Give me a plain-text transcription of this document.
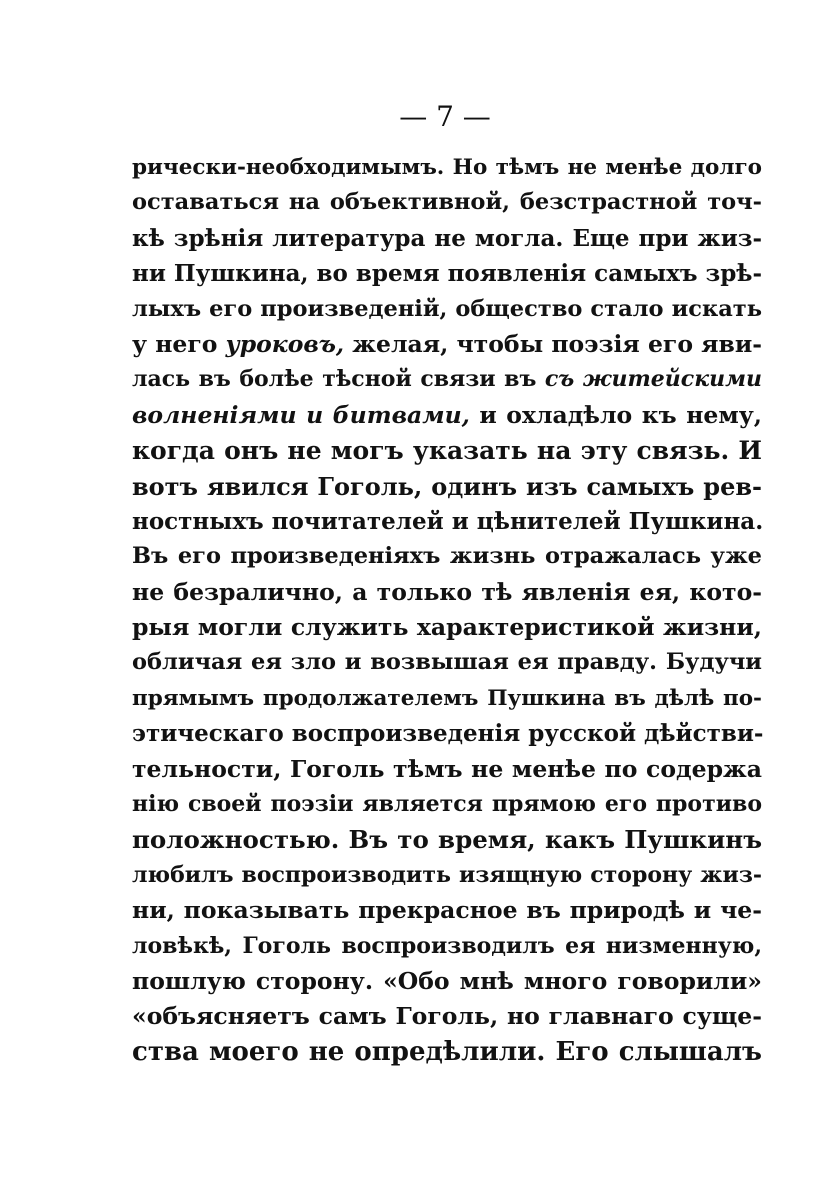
— 7 —
рически-необходимымъ. Но тѣмъ не менѣе долго
оставаться на объективной, безстрастной точ-
кѣ зрѣнія литература не могла. Еще при жиз-
ни Пушкина, во время появленія самыхъ зрѣ-
лыхъ его произведеній, общество стало искать
у него уроковъ, желая, чтобы поэзія его яви-
лась въ болѣе тѣсной связи въ съ житейскими
волненіями и битвами, и охладѣло къ нему,
когда онъ не могъ указать на эту связь. И
вотъ явился Гоголь, одинъ изъ самыхъ рев-
ностныхъ почитателей и цѣнителей Пушкина.
Въ его произведеніяхъ жизнь отражалась уже
не безралично, а только тѣ явленія ея, кото-
рыя могли служить характеристикой жизни,
обличая ея зло и возвышая ея правду. Будучи
прямымъ продолжателемъ Пушкина въ дѣлѣ по-
этическаго воспроизведенія русской дѣйстви-
тельности, Гоголь тѣмъ не менѣе по содержа
нію своей поэзіи является прямою его противо
положностью. Въ то время, какъ Пушкинъ
любилъ воспроизводить изящную сторону жиз-
ни, показывать прекрасное въ природѣ и че-
ловѣкѣ, Гоголь воспроизводилъ ея низменную,
пошлую сторону. «Обо мнѣ много говорили»
«объясняетъ самъ Гоголь, но главнаго суще-
ства моего не опредѣлили. Его слышалъ
